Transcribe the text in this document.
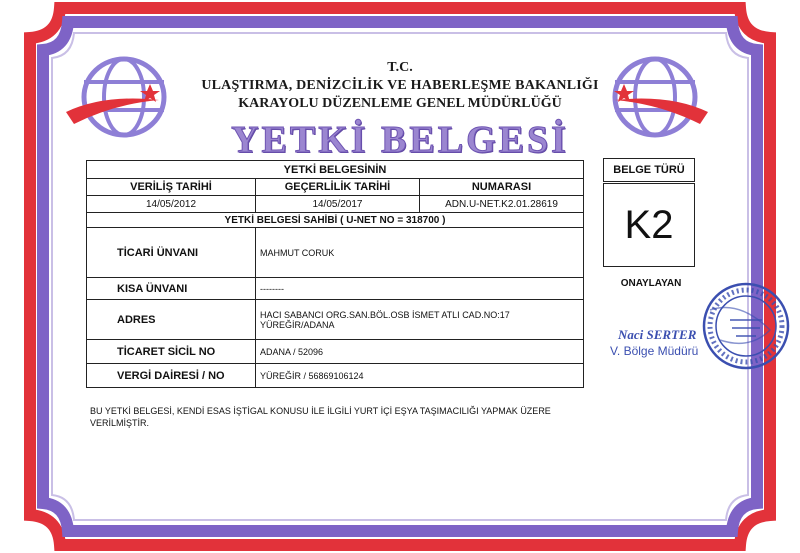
T.C.
ULAŞTIRMA, DENİZCİLİK VE HABERLEŞME BAKANLIĞI
KARAYOLU DÜZENLEME GENEL MÜDÜRLÜĞÜ
YETKİ BELGESİ
YETKİ BELGESİNİN		
VERİLİŞ TARİHİ	GEÇERLİLİK TARİHİ	NUMARASI
14/05/2012	14/05/2017	ADN.U-NET.K2.01.28619
YETKİ BELGESİ SAHİBİ ( U-NET NO = 318700 )		
TİCARİ ÜNVANI	MAHMUT CORUK	
KISA ÜNVANI	--------	
ADRES	HACI SABANCI ORG.SAN.BÖL.OSB İSMET ATLI CAD.NO:17
YÜREĞİR/ADANA	

TİCARET SİCİL NO	ADANA / 52096	
VERGİ DAİRESİ / NO	YÜREĞİR / 56869106124	
BELGE TÜRÜ
K2
ONAYLAYAN
Naci SERTER
V. Bölge Müdürü
BU YETKİ BELGESİ, KENDİ ESAS İŞTİGAL KONUSU İLE İLGİLİ YURT İÇİ EŞYA TAŞIMACILIĞI YAPMAK ÜZERE VERİLMİŞTİR.
